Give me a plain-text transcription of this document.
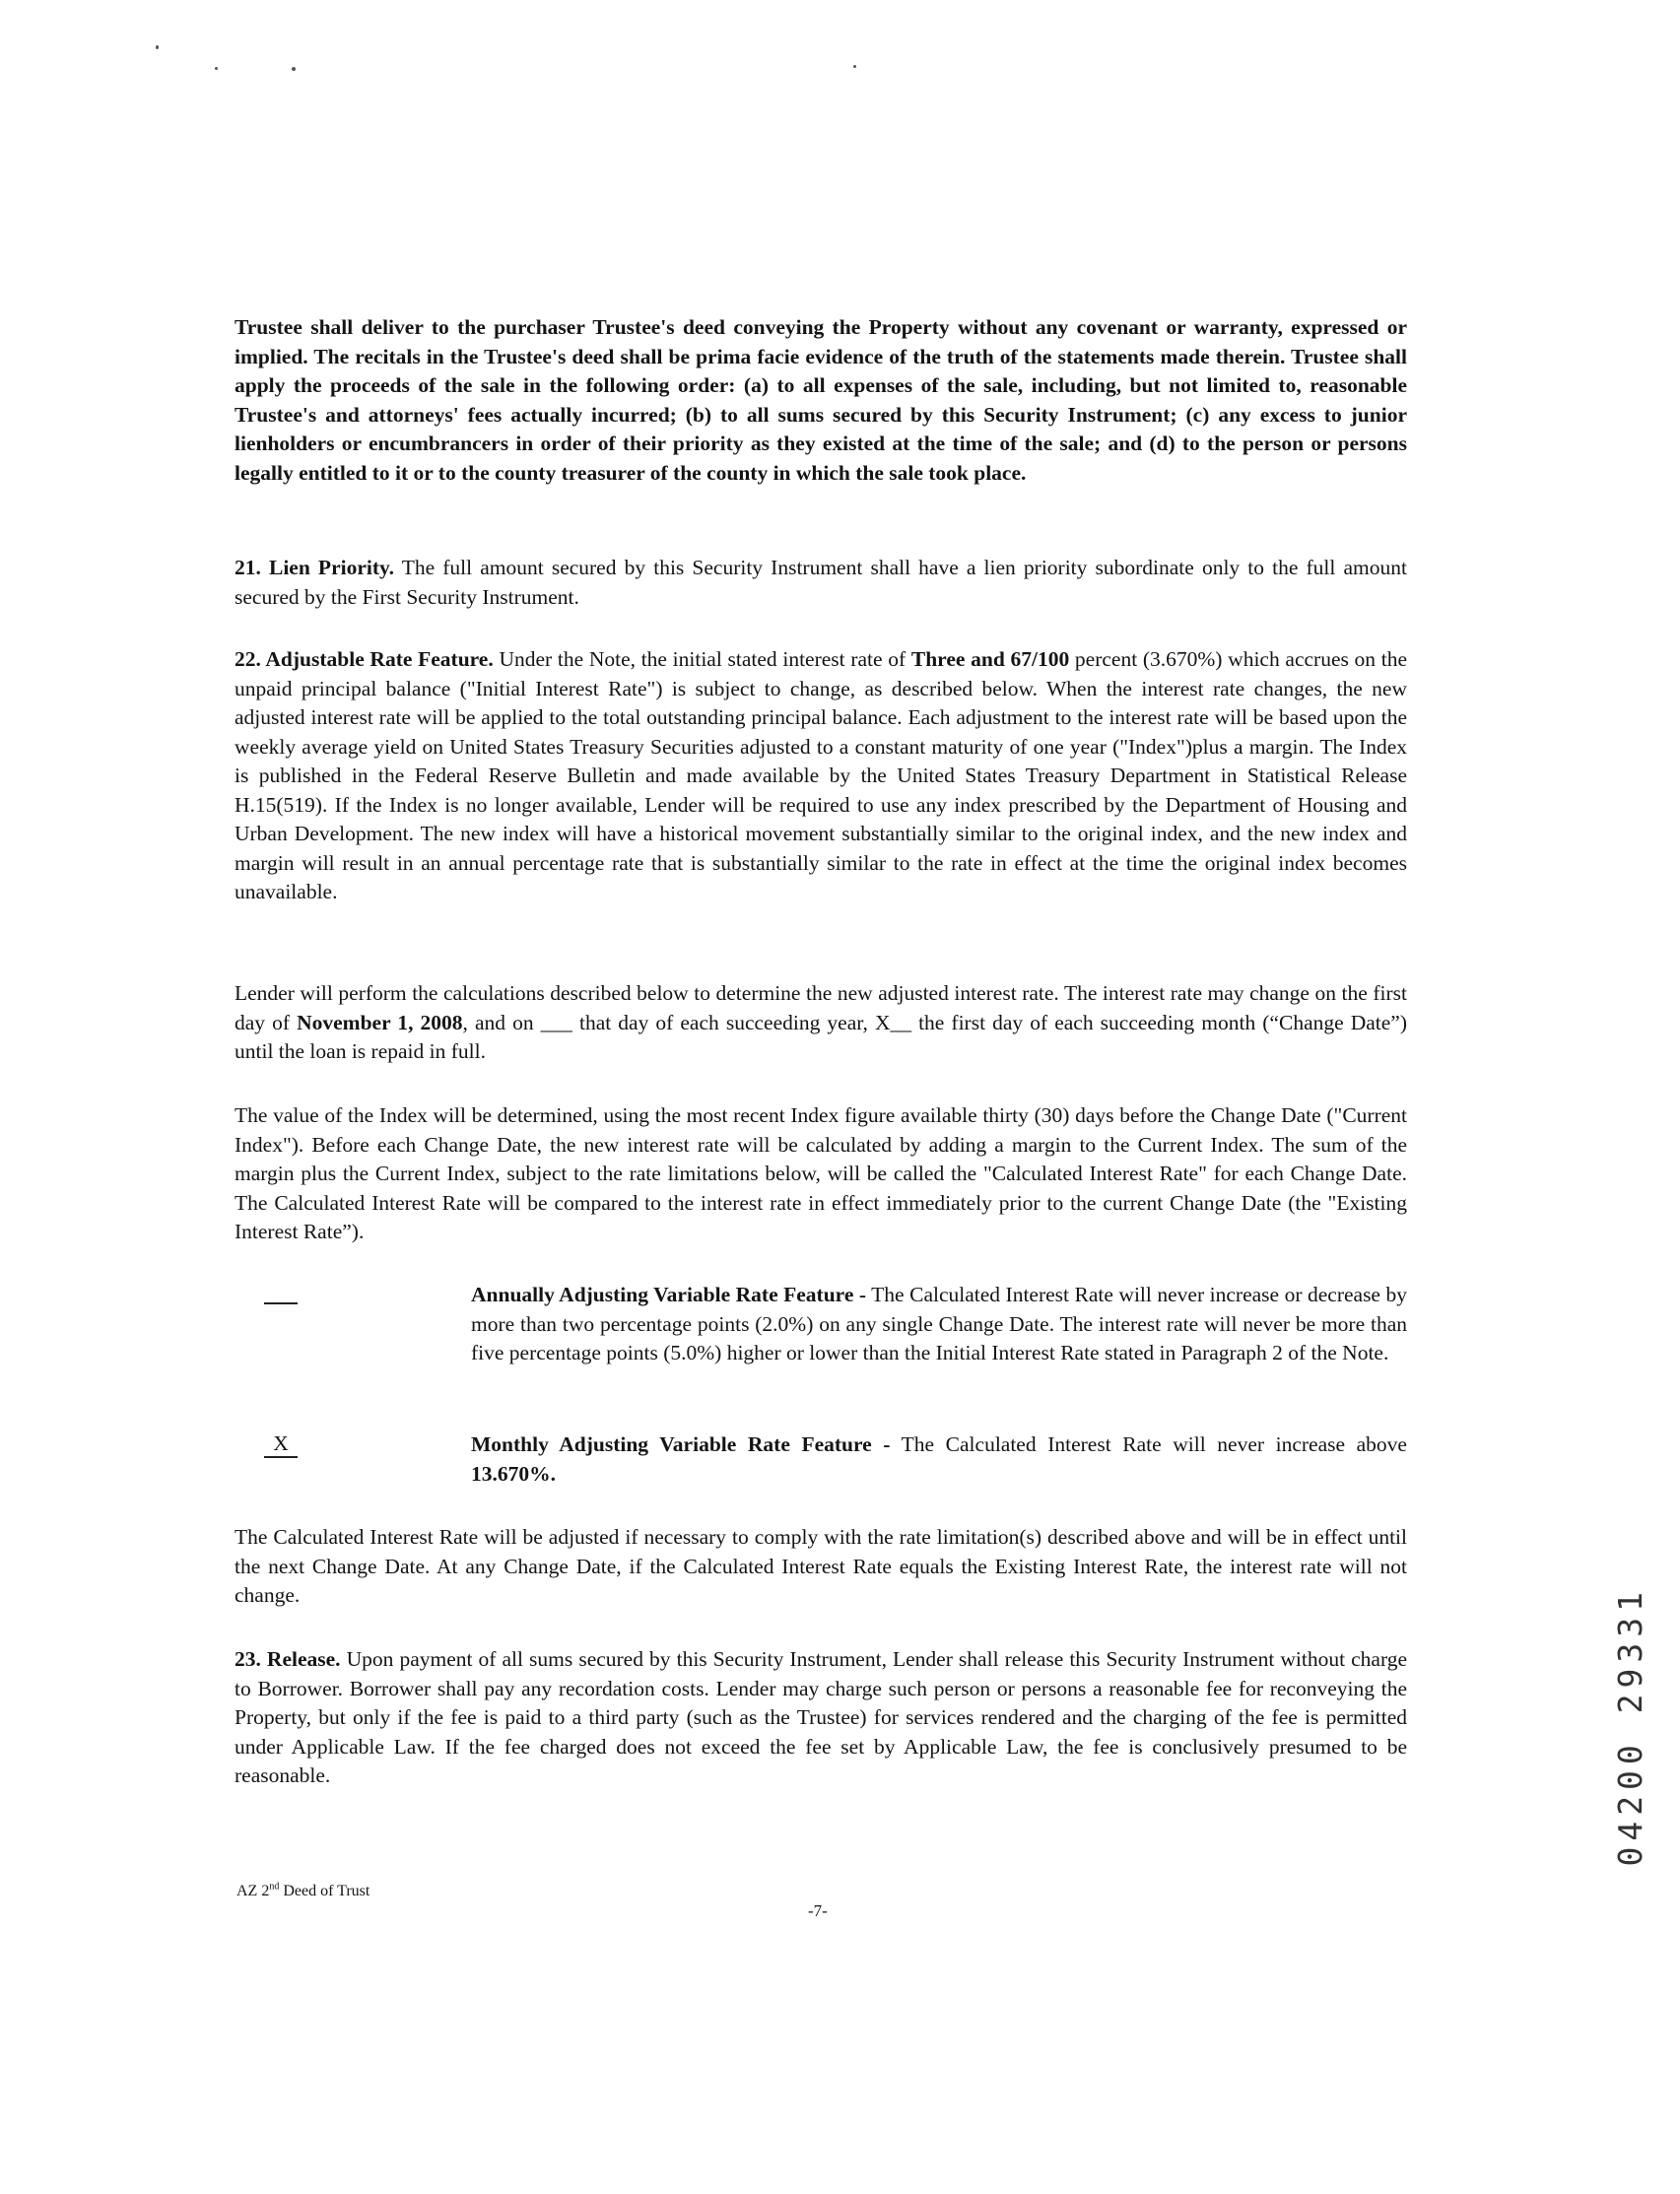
Trustee shall deliver to the purchaser Trustee's deed conveying the Property without any covenant or warranty, expressed or implied. The recitals in the Trustee's deed shall be prima facie evidence of the truth of the statements made therein. Trustee shall apply the proceeds of the sale in the following order: (a) to all expenses of the sale, including, but not limited to, reasonable Trustee's and attorneys' fees actually incurred; (b) to all sums secured by this Security Instrument; (c) any excess to junior lienholders or encumbrancers in order of their priority as they existed at the time of the sale; and (d) to the person or persons legally entitled to it or to the county treasurer of the county in which the sale took place.

21. Lien Priority. The full amount secured by this Security Instrument shall have a lien priority subordinate only to the full amount secured by the First Security Instrument.

22. Adjustable Rate Feature. Under the Note, the initial stated interest rate of Three and 67/100 percent (3.670%) which accrues on the unpaid principal balance ("Initial Interest Rate") is subject to change, as described below. When the interest rate changes, the new adjusted interest rate will be applied to the total outstanding principal balance. Each adjustment to the interest rate will be based upon the weekly average yield on United States Treasury Securities adjusted to a constant maturity of one year ("Index")plus a margin. The Index is published in the Federal Reserve Bulletin and made available by the United States Treasury Department in Statistical Release H.15(519). If the Index is no longer available, Lender will be required to use any index prescribed by the Department of Housing and Urban Development. The new index will have a historical movement substantially similar to the original index, and the new index and margin will result in an annual percentage rate that is substantially similar to the rate in effect at the time the original index becomes unavailable.

Lender will perform the calculations described below to determine the new adjusted interest rate. The interest rate may change on the first day of November 1, 2008, and on ___ that day of each succeeding year, X__ the first day of each succeeding month (“Change Date”) until the loan is repaid in full.

The value of the Index will be determined, using the most recent Index figure available thirty (30) days before the Change Date ("Current Index"). Before each Change Date, the new interest rate will be calculated by adding a margin to the Current Index. The sum of the margin plus the Current Index, subject to the rate limitations below, will be called the "Calculated Interest Rate" for each Change Date. The Calculated Interest Rate will be compared to the interest rate in effect immediately prior to the current Change Date (the "Existing Interest Rate”).

Annually Adjusting Variable Rate Feature - The Calculated Interest Rate will never increase or decrease by more than two percentage points (2.0%) on any single Change Date. The interest rate will never be more than five percentage points (5.0%) higher or lower than the Initial Interest Rate stated in Paragraph 2 of the Note.
X	Monthly Adjusting Variable Rate Feature - The Calculated Interest Rate will never increase above 13.670%.

The Calculated Interest Rate will be adjusted if necessary to comply with the rate limitation(s) described above and will be in effect until the next Change Date. At any Change Date, if the Calculated Interest Rate equals the Existing Interest Rate, the interest rate will not change.

23. Release. Upon payment of all sums secured by this Security Instrument, Lender shall release this Security Instrument without charge to Borrower. Borrower shall pay any recordation costs. Lender may charge such person or persons a reasonable fee for reconveying the Property, but only if the fee is paid to a third party (such as the Trustee) for services rendered and the charging of the fee is permitted under Applicable Law. If the fee charged does not exceed the fee set by Applicable Law, the fee is conclusively presumed to be reasonable.

AZ 2nd Deed of Trust
-7-
04200 29331
